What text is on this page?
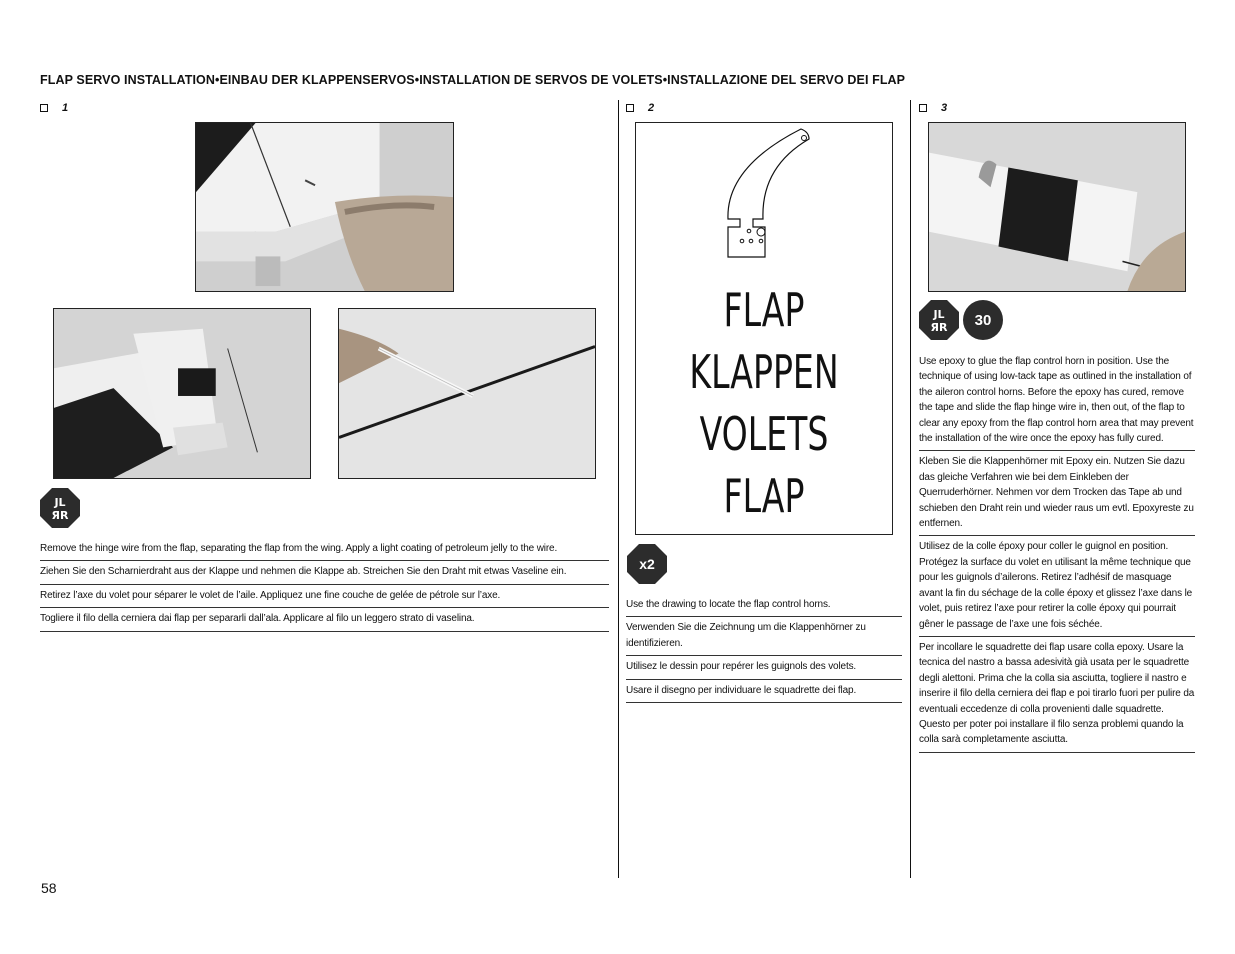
FLAP SERVO INSTALLATION•EINBAU DER KLAPPENSERVOS•INSTALLATION DE SERVOS DE VOLETS•INSTALLAZIONE DEL SERVO DEI FLAP
1	2	3
JL
ЯR

Remove the hinge wire from the flap, separating the flap from the wing. Apply a light coating of petroleum jelly to the wire.

Ziehen Sie den Scharnierdraht aus der Klappe und nehmen die Klappe ab. Streichen Sie den Draht mit etwas Vaseline ein.

Retirez l’axe du volet pour séparer le volet de l’aile. Appliquez une fine couche de gelée de pétrole sur l’axe.

Togliere il filo della cerniera dai flap per separarli dall’ala. Applicare al filo un leggero strato di vaselina.

FLAP
KLAPPEN
VOLETS
FLAP
x2

Use the drawing to locate the flap control horns.

Verwenden Sie die Zeichnung um die Klappenhörner zu identifizieren.

Utilisez le dessin pour repérer les guignols des volets.

Usare il disegno per individuare le squadrette dei flap.

JL
ЯR	30

Use epoxy to glue the flap control horn in position. Use the technique of using low-tack tape as outlined in the installation of the aileron control horns. Before the epoxy has cured, remove the tape and slide the flap hinge wire in, then out, of the flap to clear any epoxy from the flap control horn area that may prevent the installation of the wire once the epoxy has fully cured.

Kleben Sie die Klappenhörner mit Epoxy ein. Nutzen Sie dazu das gleiche Verfahren wie bei dem Einkleben der Querruderhörner. Nehmen vor dem Trocken das Tape ab und schieben den Draht rein und wieder raus um evtl. Epoxyreste zu entfernen.

Utilisez de la colle époxy pour coller le guignol en position. Protégez la surface du volet en utilisant la même technique que pour les guignols d’ailerons. Retirez l’adhésif de masquage avant la fin du séchage de la colle époxy et glissez l’axe dans le volet, puis retirez l’axe pour retirer la colle époxy qui pourrait gêner le passage de l’axe une fois séchée.

Per incollare le squadrette dei flap usare colla epoxy. Usare la tecnica del nastro a bassa adesività già usata per le squadrette degli alettoni. Prima che la colla sia asciutta, togliere il nastro e inserire il filo della cerniera dei flap e poi tirarlo fuori per pulire da eventuali eccedenze di colla provenienti dalle squadrette. Questo per poter poi installare il filo senza problemi quando la colla sarà completamente asciutta.

58
